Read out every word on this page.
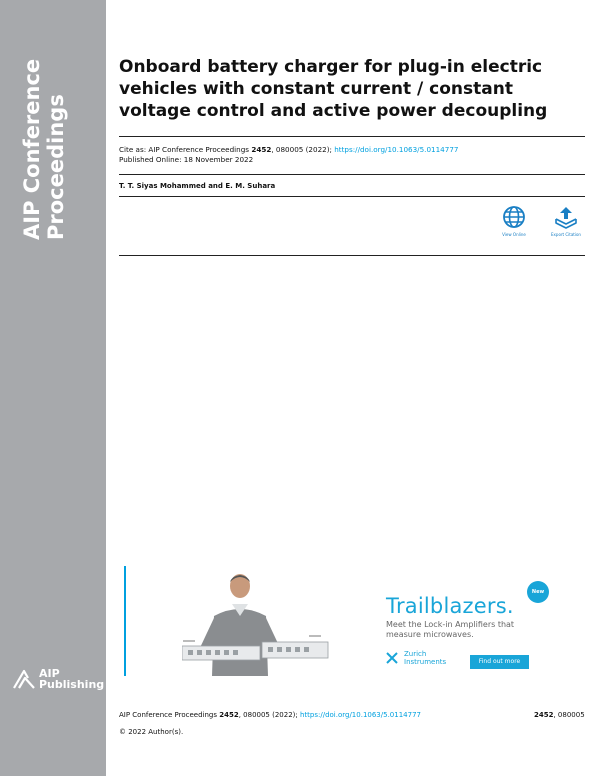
AIP Conference Proceedings
AIP
Publishing
Onboard battery charger for plug-in electric
vehicles with constant current / constant
voltage control and active power decoupling
Cite as: AIP Conference Proceedings 2452, 080005 (2022); https://doi.org/10.1063/5.0114777
Published Online: 18 November 2022
T. T. Siyas Mohammed and E. M. Suhara
View Online	Export Citation
Trailblazers.
New
Meet the Lock-in Amplifiers that
measure microwaves.
Zurich
Instruments	Find out more
AIP Conference Proceedings 2452, 080005 (2022); https://doi.org/10.1063/5.0114777	2452, 080005
© 2022 Author(s).
